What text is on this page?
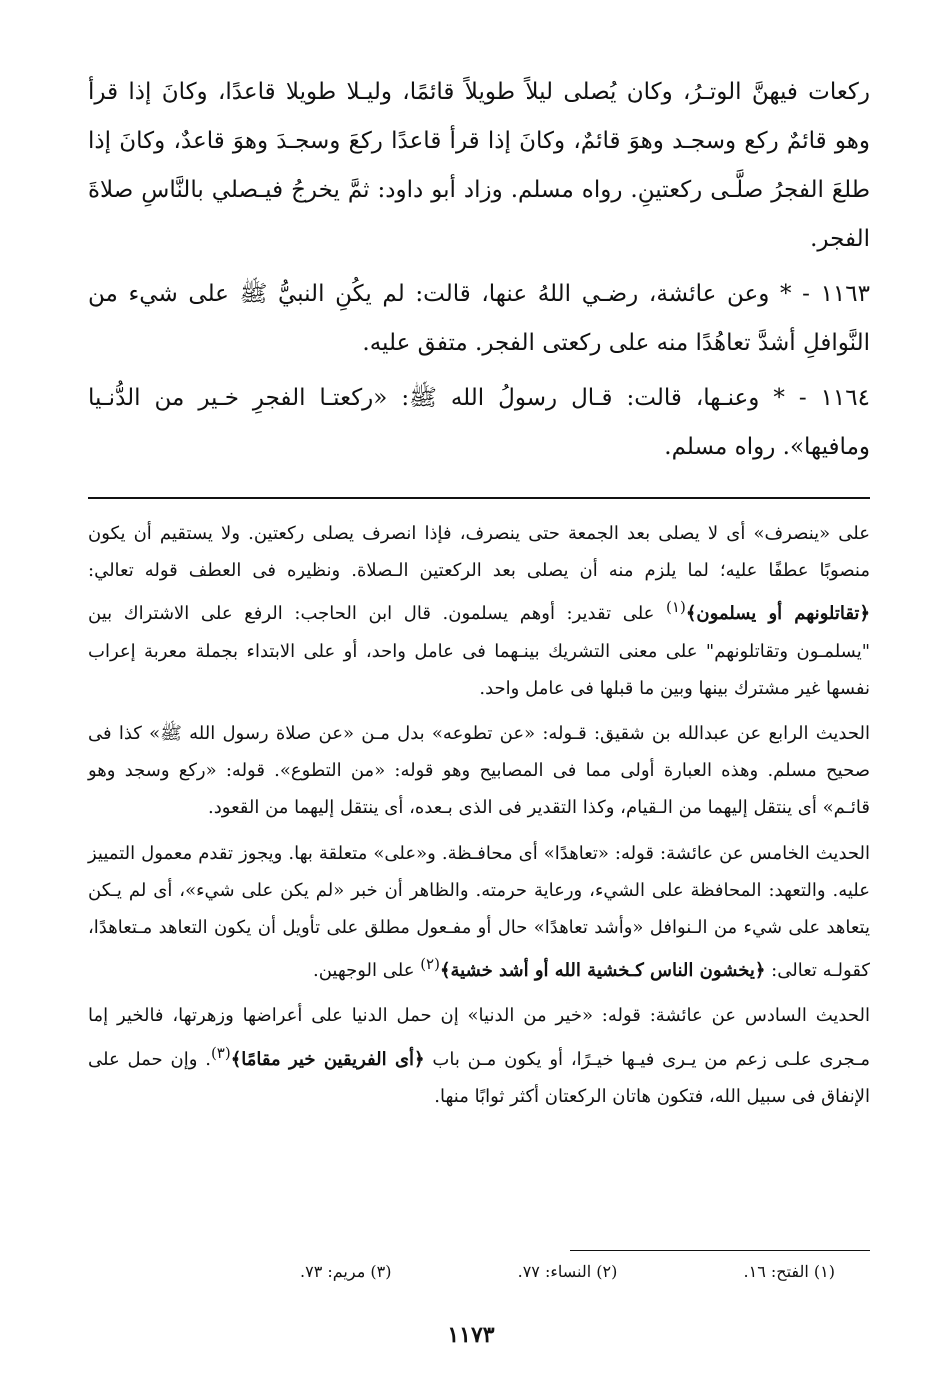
ركعات فيهنَّ الوتـرُ، وكان يُصلى ليلاً طويلاً قائمًا، وليـلا طويلا قاعدًا، وكانَ إذا قرأ وهو قائمٌ ركع وسجـد وهوَ قائمٌ، وكانَ إذا قرأ قاعدًا ركعَ وسجـدَ وهوَ قاعدٌ، وكانَ إذا طلعَ الفجرُ صلَّـى ركعتينِ. رواه مسلم. وزاد أبو داود: ثمَّ يخرجُ فيـصلي بالنَّاسِ صلاةَ الفجر.

١١٦٣ - * وعن عائشة، رضـي اللهُ عنها، قالت: لم يكُنِ النبيُّ ﷺ على شيء من النَّوافلِ أشدَّ تعاهُدًا منه على ركعتى الفجر. متفق عليه.

١١٦٤ - * وعنـها، قالت: قـال رسولُ الله ﷺ: «ركعتـا الفجرِ خـير من الدُّنـيا ومافيها». رواه مسلم.

على «ينصرف» أى لا يصلى بعد الجمعة حتى ينصرف، فإذا انصرف يصلى ركعتين. ولا يستقيم أن يكون منصوبًا عطفًا عليه؛ لما يلزم منه أن يصلى بعد الركعتين الـصلاة. ونظيره فى العطف قوله تعالي: ﴿تقاتلونهم أو يسلمون﴾$^{(١)}$ على تقدير: أوهم يسلمون. قال ابن الحاجب: الرفع على الاشتراك بين "يسلمـون وتقاتلونهم" على معنى التشريك بينـهما فى عامل واحد، أو على الابتداء بجملة معربة إعراب نفسها غير مشترك بينها وبين ما قبلها فى عامل واحد.

الحديث الرابع عن عبدالله بن شقيق: قـوله: «عن تطوعه» بدل مـن «عن صلاة رسول الله ﷺ» كذا فى صحيح مسلم. وهذه العبارة أولى مما فى المصابيح وهو قوله: «من التطوع». قوله: «ركع وسجد وهو قائـم» أى ينتقل إليهما من الـقيام، وكذا التقدير فى الذى بـعده، أى ينتقل إليهما من القعود.

الحديث الخامس عن عائشة: قوله: «تعاهدًا» أى محافـظة. و«على» متعلقة بها. ويجوز تقدم معمول التمييز عليه. والتعهد: المحافظة على الشيء، ورعاية حرمته. والظاهر أن خبر «لم يكن على شيء»، أى لم يـكن يتعاهد على شيء من الـنوافل «وأشد تعاهدًا» حال أو مفـعول مطلق على تأويل أن يكون التعاهد مـتعاهدًا، كقولـه تعالى: ﴿يخشون الناس كـخشية الله أو أشد خشية﴾$^{(٢)}$ على الوجهين.

الحديث السادس عن عائشة: قوله: «خير من الدنيا» إن حمل الدنيا على أعراضها وزهرتها، فالخير إما مـجرى علـى زعم من يـرى فيـها خيـرًا، أو يكون مـن باب ﴿أى الفريقين خير مقامًا﴾$^{(٣)}$. وإن حمل على الإنفاق فى سبيل الله، فتكون هاتان الركعتان أكثر ثوابًا منها.

(١) الفتح: ١٦.
(٢) النساء: ٧٧.
(٣) مريم: ٧٣.
١١٧٣
